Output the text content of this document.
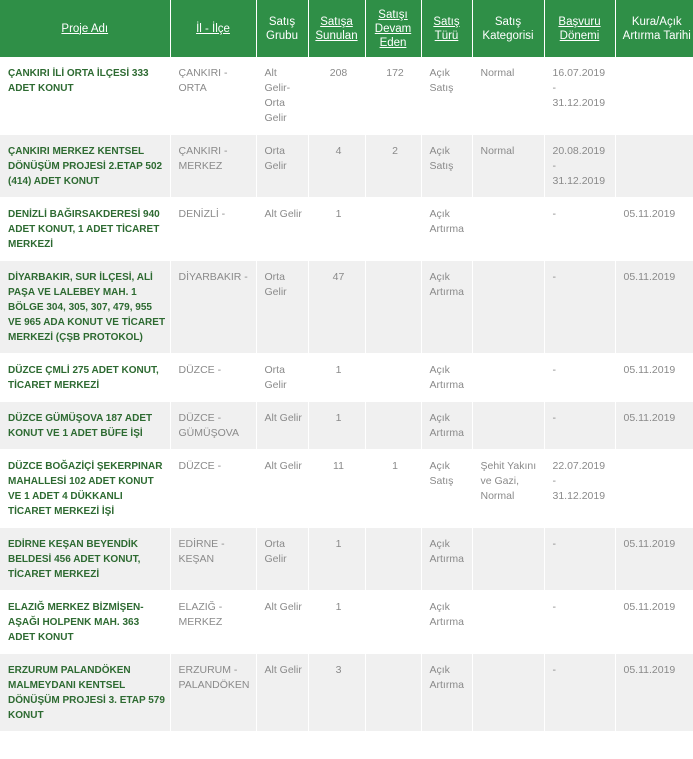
Proje Adı	İl - İlçe	Satış Grubu	Satışa Sunulan	Satışı Devam Eden	Satış Türü	Satış Kategorisi	Başvuru Dönemi	Kura/Açık Artırma Tarihi
ÇANKIRI İLİ ORTA İLÇESİ 333 ADET KONUT	ÇANKIRI - ORTA	Alt Gelir-Orta Gelir	208	172	Açık Satış	Normal	16.07.2019 - 31.12.2019	
ÇANKIRI MERKEZ KENTSEL DÖNÜŞÜM PROJESİ 2.ETAP 502 (414) ADET KONUT	ÇANKIRI - MERKEZ	Orta Gelir	4	2	Açık Satış	Normal	20.08.2019 - 31.12.2019	
DENİZLİ BAĞIRSAKDERESİ 940 ADET KONUT, 1 ADET TİCARET MERKEZİ	DENİZLİ -	Alt Gelir	1		Açık Artırma		-	05.11.2019
DİYARBAKIR, SUR İLÇESİ, ALİ PAŞA VE LALEBEY MAH. 1 BÖLGE 304, 305, 307, 479, 955 VE 965 ADA KONUT VE TİCARET MERKEZİ (ÇŞB PROTOKOL)	DİYARBAKIR -	Orta Gelir	47		Açık Artırma		-	05.11.2019
DÜZCE ÇMLİ 275 ADET KONUT, TİCARET MERKEZİ	DÜZCE -	Orta Gelir	1		Açık Artırma		-	05.11.2019
DÜZCE GÜMÜŞOVA 187 ADET KONUT VE 1 ADET BÜFE İŞİ	DÜZCE - GÜMÜŞOVA	Alt Gelir	1		Açık Artırma		-	05.11.2019
DÜZCE BOĞAZİÇİ ŞEKERPINAR MAHALLESİ 102 ADET KONUT VE 1 ADET 4 DÜKKANLI TİCARET MERKEZİ İŞİ	DÜZCE -	Alt Gelir	11	1	Açık Satış	Şehit Yakını ve Gazi, Normal	22.07.2019 - 31.12.2019	
EDİRNE KEŞAN BEYENDİK BELDESİ 456 ADET KONUT, TİCARET MERKEZİ	EDİRNE - KEŞAN	Orta Gelir	1		Açık Artırma		-	05.11.2019
ELAZIĞ MERKEZ BİZMİŞEN-AŞAĞI HOLPENK MAH. 363 ADET KONUT	ELAZIĞ - MERKEZ	Alt Gelir	1		Açık Artırma		-	05.11.2019
ERZURUM PALANDÖKEN MALMEYDANI KENTSEL DÖNÜŞÜM PROJESİ 3. ETAP 579 KONUT	ERZURUM - PALANDÖKEN	Alt Gelir	3		Açık Artırma		-	05.11.2019
